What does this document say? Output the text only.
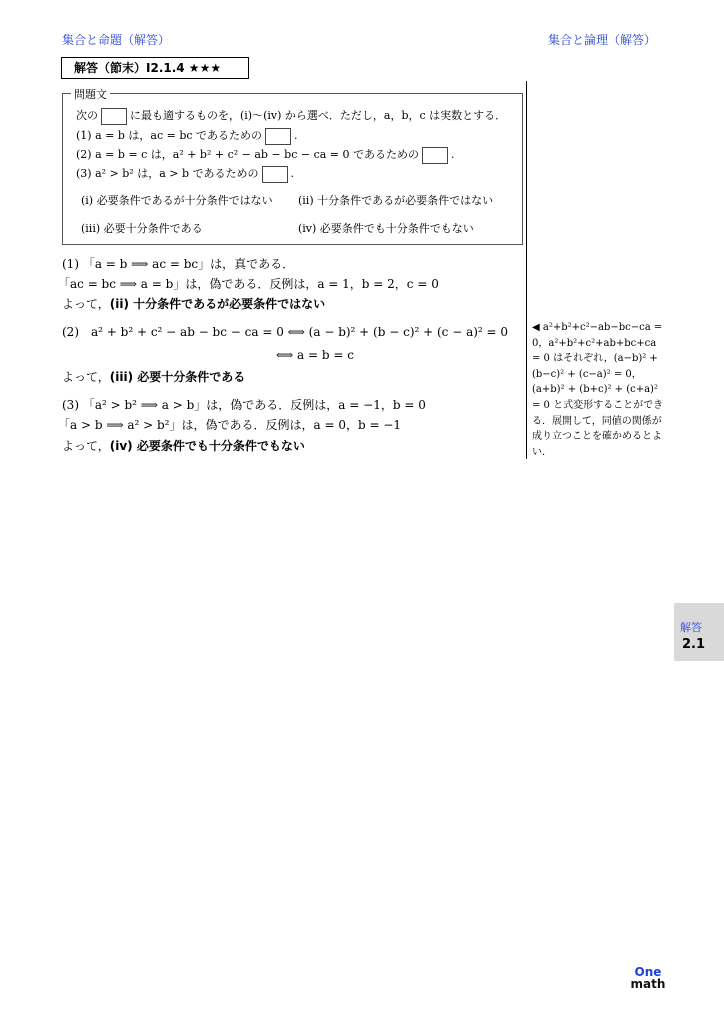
集合と命題（解答）	集合と論理（解答）
解答（節末）I2.1.4 ★★★
問題文
次の	に最も適するものを，(i)〜(iv) から選べ．ただし，a，b，c は実数とする．
(1) a = b は，ac = bc であるための	.
(2) a = b = c は，a² + b² + c² − ab − bc − ca = 0 であるための	.
(3) a² > b² は，a > b であるための	.
(i) 必要条件であるが十分条件ではない (ii) 十分条件であるが必要条件ではない
(iii) 必要十分条件である	(iv) 必要条件でも十分条件でもない
(1) 「a = b ⟹ ac = bc」は，真である．
「ac = bc ⟹ a = b」は，偽である．反例は，a = 1，b = 2，c = 0
よって，(ii) 十分条件であるが必要条件ではない
(2)　a² + b² + c² − ab − bc − ca = 0 ⟺ (a − b)² + (b − c)² + (c − a)² = 0
⟺ a = b = c
よって，(iii) 必要十分条件である
(3) 「a² > b² ⟹ a > b」は，偽である．反例は，a = −1，b = 0
「a > b ⟹ a² > b²」は，偽である．反例は，a = 0，b = −1
よって，(iv) 必要条件でも十分条件でもない
◀ a²+b²+c²−ab−bc−ca = 0，a²+b²+c²+ab+bc+ca = 0 はそれぞれ，(a−b)² + (b−c)² + (c−a)² = 0，(a+b)² + (b+c)² + (c+a)² = 0 と式変形することができる．展開して，同値の関係が成り立つことを確かめるとよい．
解答
2.1
One
math
